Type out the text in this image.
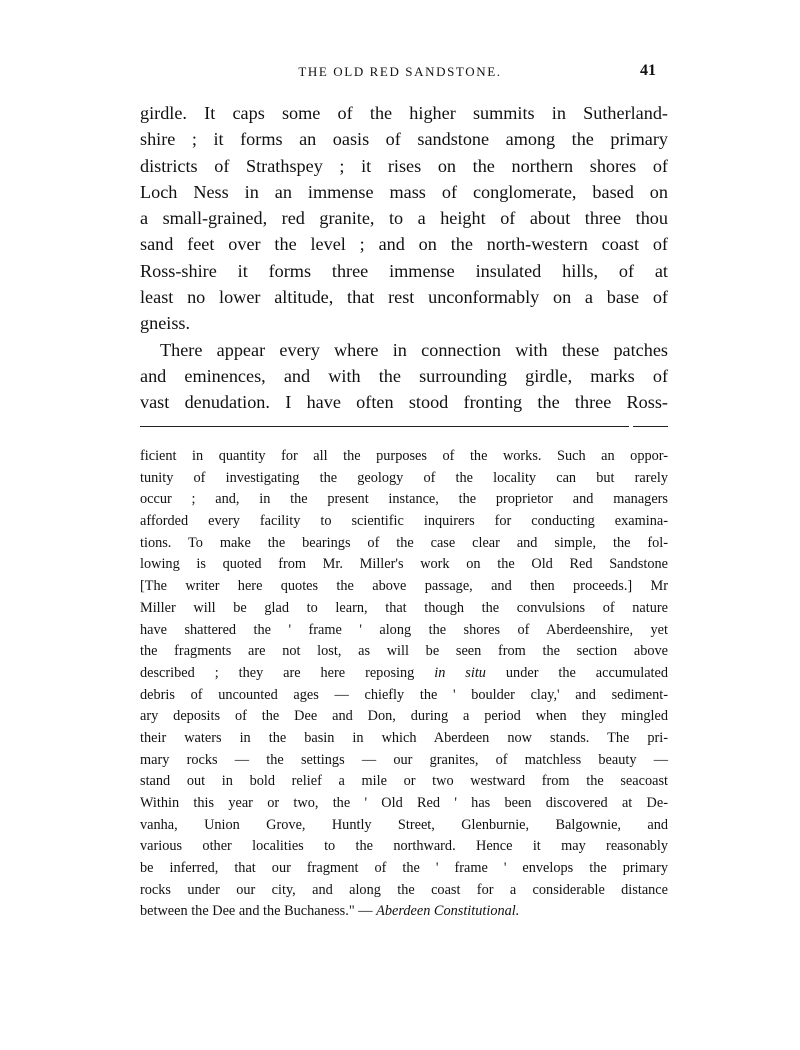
THE OLD RED SANDSTONE.	41
girdle. It caps some of the higher summits in Sutherland-
shire ; it forms an oasis of sandstone among the primary
districts of Strathspey ; it rises on the northern shores of
Loch Ness in an immense mass of conglomerate, based on
a small-grained, red granite, to a height of about three thou
sand feet over the level ; and on the north-western coast of
Ross-shire it forms three immense insulated hills, of at
least no lower altitude, that rest unconformably on a base of
gneiss.
There appear every where in connection with these patches
and eminences, and with the surrounding girdle, marks of
vast denudation. I have often stood fronting the three Ross-
ficient in quantity for all the purposes of the works. Such an oppor-
tunity of investigating the geology of the locality can but rarely
occur ; and, in the present instance, the proprietor and managers
afforded every facility to scientific inquirers for conducting examina-
tions. To make the bearings of the case clear and simple, the fol-
lowing is quoted from Mr. Miller's work on the Old Red Sandstone
[The writer here quotes the above passage, and then proceeds.] Mr
Miller will be glad to learn, that though the convulsions of nature
have shattered the ' frame ' along the shores of Aberdeenshire, yet
the fragments are not lost, as will be seen from the section above
described ; they are here reposing in situ under the accumulated
debris of uncounted ages — chiefly the ' boulder clay,' and sediment-
ary deposits of the Dee and Don, during a period when they mingled
their waters in the basin in which Aberdeen now stands. The pri-
mary rocks — the settings — our granites, of matchless beauty —
stand out in bold relief a mile or two westward from the seacoast
Within this year or two, the ' Old Red ' has been discovered at De-
vanha, Union Grove, Huntly Street, Glenburnie, Balgownie, and
various other localities to the northward. Hence it may reasonably
be inferred, that our fragment of the ' frame ' envelops the primary
rocks under our city, and along the coast for a considerable distance
between the Dee and the Buchaness." — Aberdeen Constitutional.
